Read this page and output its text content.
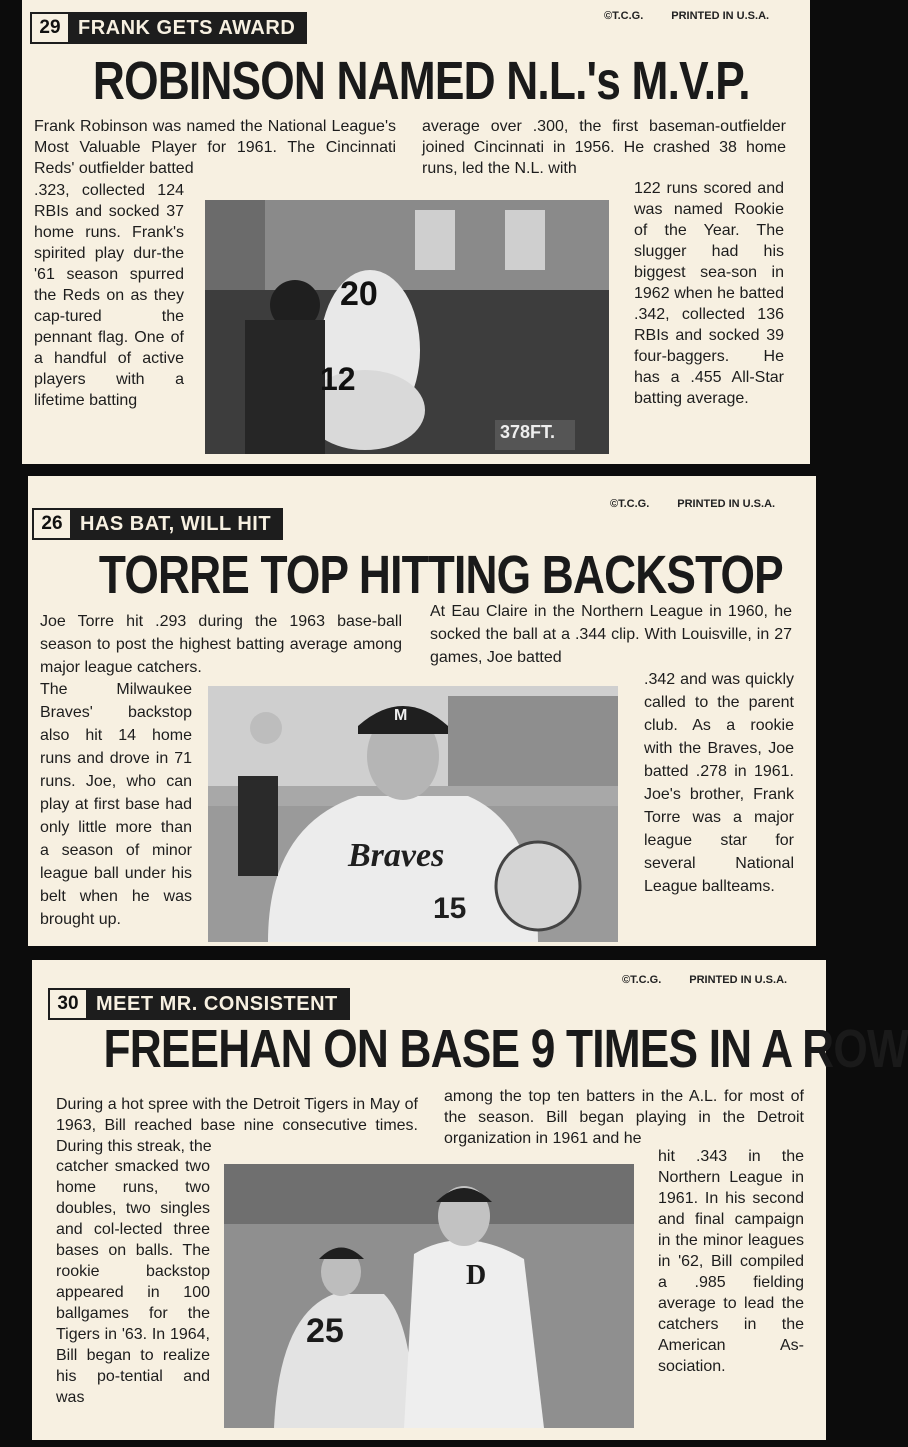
29 FRANK GETS AWARD
©T.C.G.	PRINTED IN U.S.A.
ROBINSON NAMED N.L.'s M.V.P.
Frank Robinson was named the National League's Most Valuable Player for 1961. The Cincinnati Reds' outfielder batted
.323, collected 124 RBIs and socked 37 home runs. Frank's spirited play dur-the '61 season spurred the Reds on as they cap-tured the pennant flag. One of a handful of active players with a lifetime batting
average over .300, the first baseman-outfielder joined Cincinnati in 1956. He crashed 38 home runs, led the N.L. with
122 runs scored and was named Rookie of the Year. The slugger had his biggest sea-son in 1962 when he batted .342, collected 136 RBIs and socked 39 four-baggers. He has a .455 All-Star batting average.
20
12
378FT.
26 HAS BAT, WILL HIT
©T.C.G.	PRINTED IN U.S.A.
TORRE TOP HITTING BACKSTOP
Joe Torre hit .293 during the 1963 base-ball season to post the highest batting average among major league catchers.
The Milwaukee Braves' backstop also hit 14 home runs and drove in 71 runs. Joe, who can play at first base had only little more than a season of minor league ball under his belt when he was brought up.
At Eau Claire in the Northern League in 1960, he socked the ball at a .344 clip. With Louisville, in 27 games, Joe batted
.342 and was quickly called to the parent club. As a rookie with the Braves, Joe batted .278 in 1961. Joe's brother, Frank Torre was a major league star for several National League ballteams.
M
Braves
15
30 MEET MR. CONSISTENT
©T.C.G.	PRINTED IN U.S.A.
FREEHAN ON BASE 9 TIMES IN A ROW
During a hot spree with the Detroit Tigers in May of 1963, Bill reached base nine consecutive times. During this streak, the
catcher smacked two home runs, two doubles, two singles and col-lected three bases on balls. The rookie backstop appeared in 100 ballgames for the Tigers in '63. In 1964, Bill began to realize his po-tential and was
among the top ten batters in the A.L. for most of the season. Bill began playing in the Detroit organization in 1961 and he
hit .343 in the Northern League in 1961. In his second and final campaign in the minor leagues in '62, Bill compiled a .985 fielding average to lead the catchers in the American As-sociation.
25
D
